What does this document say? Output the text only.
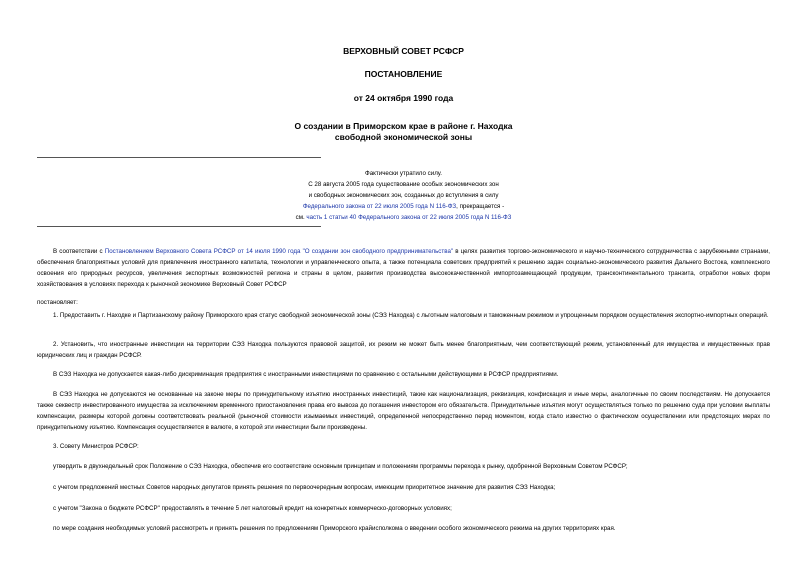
ВЕРХОВНЫЙ СОВЕТ РСФСР
ПОСТАНОВЛЕНИЕ
от 24 октября 1990 года
О создании в Приморском крае в районе г. Находка
свободной экономической зоны
Фактически утратило силу.
С 28 августа 2005 года существование особых экономических зон
и свободных экономических зон, созданных до вступления в силу
Федерального закона от 22 июля 2005 года N 116-ФЗ, прекращается -
см. часть 1 статьи 40 Федерального закона от 22 июля 2005 года N 116-ФЗ
В соответствии с Постановлением Верховного Совета РСФСР от 14 июля 1990 года "О создании зон свободного предпринимательства" в целях развития торгово-экономического и научно-технического сотрудничества с зарубежными странами, обеспечения благоприятных условий для привлечения иностранного капитала, технологии и управленческого опыта, а также потенциала советских предприятий к решению задач социально-экономического развития Дальнего Востока, комплексного освоения его природных ресурсов, увеличения экспортных возможностей региона и страны в целом, развития производства высококачественной импортозамещающей продукции, трансконтинентального транзита, отработки новых форм хозяйствования в условиях перехода к рыночной экономике Верховный Совет РСФСР
постановляет:
1. Предоставить г. Находке и Партизанскому району Приморского края статус свободной экономической зоны (СЭЗ Находка) с льготным налоговым и таможенным режимом и упрощенным порядком осуществления экспортно-импортных операций.
2. Установить, что иностранные инвестиции на территории СЭЗ Находка пользуются правовой защитой, их режим не может быть менее благоприятным, чем соответствующий режим, установленный для имущества и имущественных прав юридических лиц и граждан РСФСР.
В СЭЗ Находка не допускается какая-либо дискриминация предприятия с иностранными инвестициями по сравнению с остальными действующими в РСФСР предприятиями.
В СЭЗ Находка не допускаются не основанные на законе меры по принудительному изъятию иностранных инвестиций, такие как национализация, реквизиция, конфискация и иные меры, аналогичные по своим последствиям. Не допускается также секвестр инвестированного имущества за исключением временного приостановления права его вывоза до погашения инвестором его обязательств. Принудительные изъятия могут осуществляться только по решению суда при условии выплаты компенсации, размеры которой должны соответствовать реальной (рыночной стоимости изымаемых инвестиций, определенной непосредственно перед моментом, когда стало известно о фактическом осуществлении или предстоящих мерах по принудительному изъятию. Компенсация осуществляется в валюте, в которой эти инвестиции были произведены.
3. Совету Министров РСФСР:
утвердить в двухнедельный срок Положение о СЭЗ Находка, обеспечив его соответствие основным принципам и положениям программы перехода к рынку, одобренной Верховным Советом РСФСР;
с учетом предложений местных Советов народных депутатов принять решения по первоочередным вопросам, имеющим приоритетное значение для развития СЭЗ Находка;
с учетом "Закона о бюджете РСФСР" предоставлять в течение 5 лет налоговый кредит на конкретных коммерческо-договорных условиях;
по мере создания необходимых условий рассмотреть и принять решения по предложениям Приморского крайисполкома о введении особого экономического режима на других территориях края.
